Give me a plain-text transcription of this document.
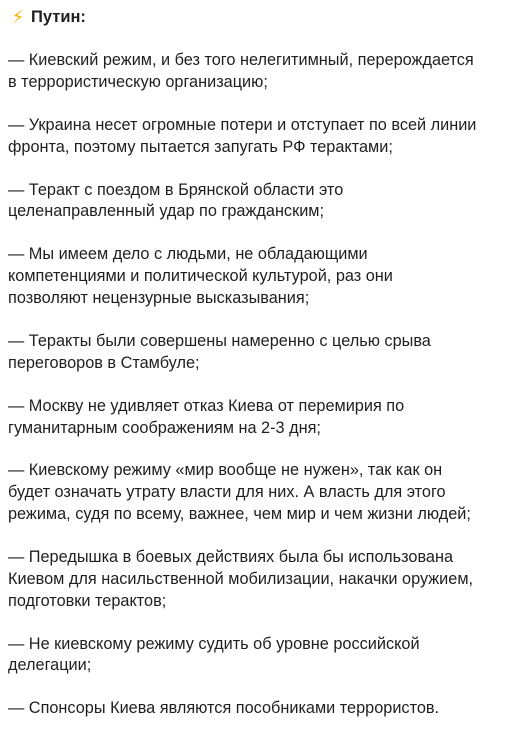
⚡ Путин:
— Киевский режим, и без того нелегитимный, перерождается
в террористическую организацию;
— Украина несет огромные потери и отступает по всей линии
фронта, поэтому пытается запугать РФ терактами;
— Теракт с поездом в Брянской области это
целенаправленный удар по гражданским;
— Мы имеем дело с людьми, не обладающими
компетенциями и политической культурой, раз они
позволяют нецензурные высказывания;
— Теракты были совершены намеренно с целью срыва
переговоров в Стамбуле;
— Москву не удивляет отказ Киева от перемирия по
гуманитарным соображениям на 2-3 дня;
— Киевскому режиму «мир вообще не нужен», так как он
будет означать утрату власти для них. А власть для этого
режима, судя по всему, важнее, чем мир и чем жизни людей;
— Передышка в боевых действиях была бы использована
Киевом для насильственной мобилизации, накачки оружием,
подготовки терактов;
— Не киевскому режиму судить об уровне российской
делегации;
— Спонсоры Киева являются пособниками террористов.
